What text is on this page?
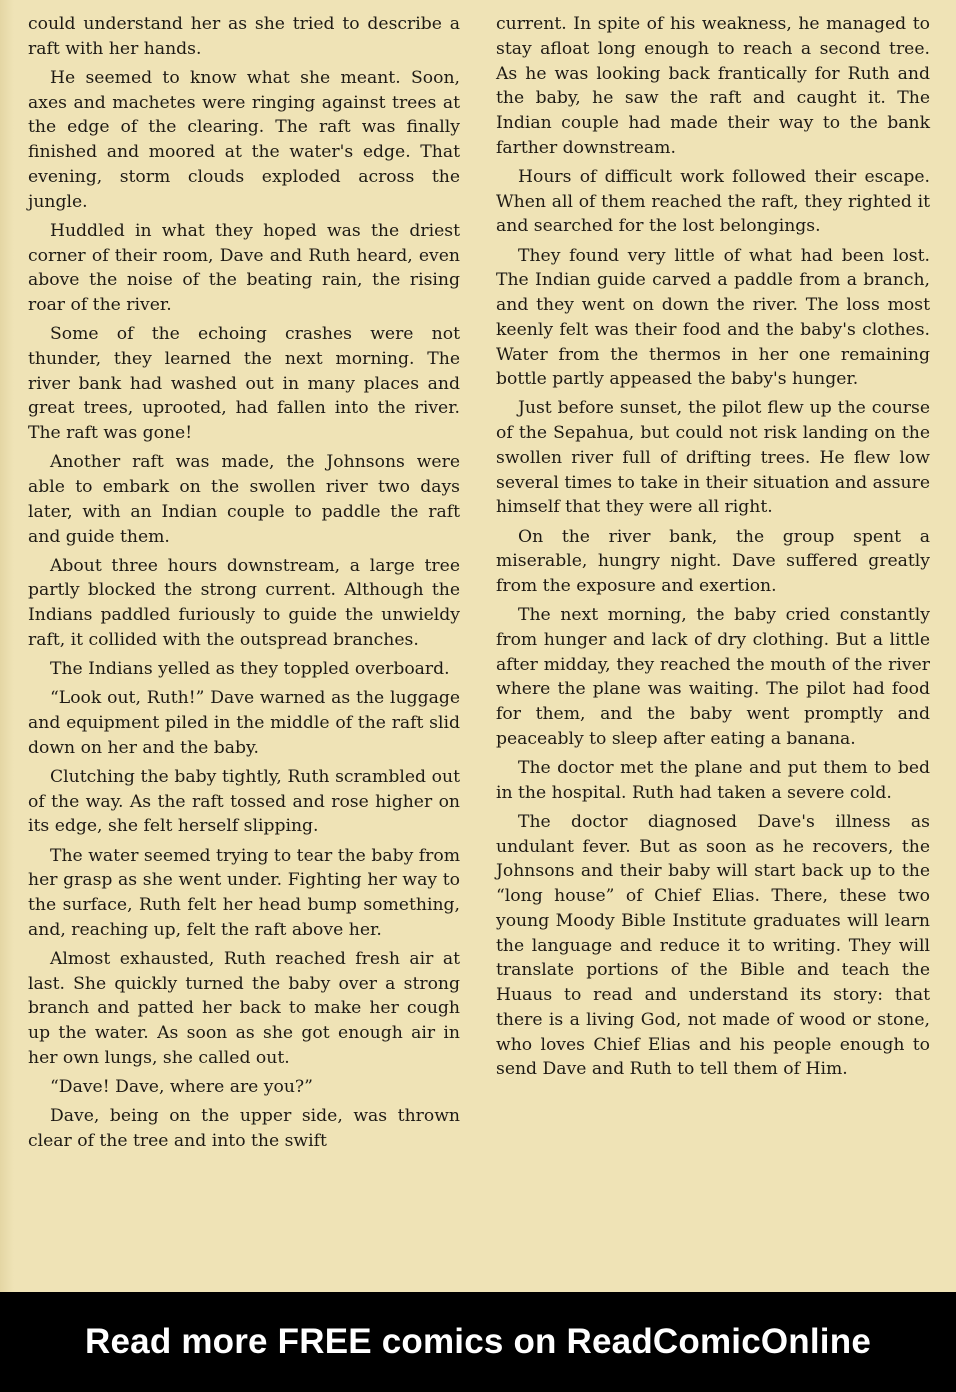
could understand her as she tried to describe a raft with her hands.

He seemed to know what she meant. Soon, axes and machetes were ringing against trees at the edge of the clearing. The raft was finally finished and moored at the water's edge. That evening, storm clouds exploded across the jungle.

Huddled in what they hoped was the driest corner of their room, Dave and Ruth heard, even above the noise of the beating rain, the rising roar of the river.

Some of the echoing crashes were not thunder, they learned the next morning. The river bank had washed out in many places and great trees, uprooted, had fallen into the river. The raft was gone!

Another raft was made, the Johnsons were able to embark on the swollen river two days later, with an Indian couple to paddle the raft and guide them.

About three hours downstream, a large tree partly blocked the strong current. Although the Indians paddled furiously to guide the unwieldy raft, it collided with the outspread branches.

The Indians yelled as they toppled overboard.

“Look out, Ruth!” Dave warned as the luggage and equipment piled in the middle of the raft slid down on her and the baby.

Clutching the baby tightly, Ruth scrambled out of the way. As the raft tossed and rose higher on its edge, she felt herself slipping.

The water seemed trying to tear the baby from her grasp as she went under. Fighting her way to the surface, Ruth felt her head bump something, and, reaching up, felt the raft above her.

Almost exhausted, Ruth reached fresh air at last. She quickly turned the baby over a strong branch and patted her back to make her cough up the water. As soon as she got enough air in her own lungs, she called out.

“Dave! Dave, where are you?”

Dave, being on the upper side, was thrown clear of the tree and into the swift

current. In spite of his weakness, he managed to stay afloat long enough to reach a second tree. As he was looking back frantically for Ruth and the baby, he saw the raft and caught it. The Indian couple had made their way to the bank farther downstream.

Hours of difficult work followed their escape. When all of them reached the raft, they righted it and searched for the lost belongings.

They found very little of what had been lost. The Indian guide carved a paddle from a branch, and they went on down the river. The loss most keenly felt was their food and the baby's clothes. Water from the thermos in her one remaining bottle partly appeased the baby's hunger.

Just before sunset, the pilot flew up the course of the Sepahua, but could not risk landing on the swollen river full of drifting trees. He flew low several times to take in their situation and assure himself that they were all right.

On the river bank, the group spent a miserable, hungry night. Dave suffered greatly from the exposure and exertion.

The next morning, the baby cried constantly from hunger and lack of dry clothing. But a little after midday, they reached the mouth of the river where the plane was waiting. The pilot had food for them, and the baby went promptly and peaceably to sleep after eating a banana.

The doctor met the plane and put them to bed in the hospital. Ruth had taken a severe cold.

The doctor diagnosed Dave's illness as undulant fever. But as soon as he recovers, the Johnsons and their baby will start back up to the “long house” of Chief Elias. There, these two young Moody Bible Institute graduates will learn the language and reduce it to writing. They will translate portions of the Bible and teach the Huaus to read and understand its story: that there is a living God, not made of wood or stone, who loves Chief Elias and his people enough to send Dave and Ruth to tell them of Him.

Read more FREE comics on ReadComicOnline
